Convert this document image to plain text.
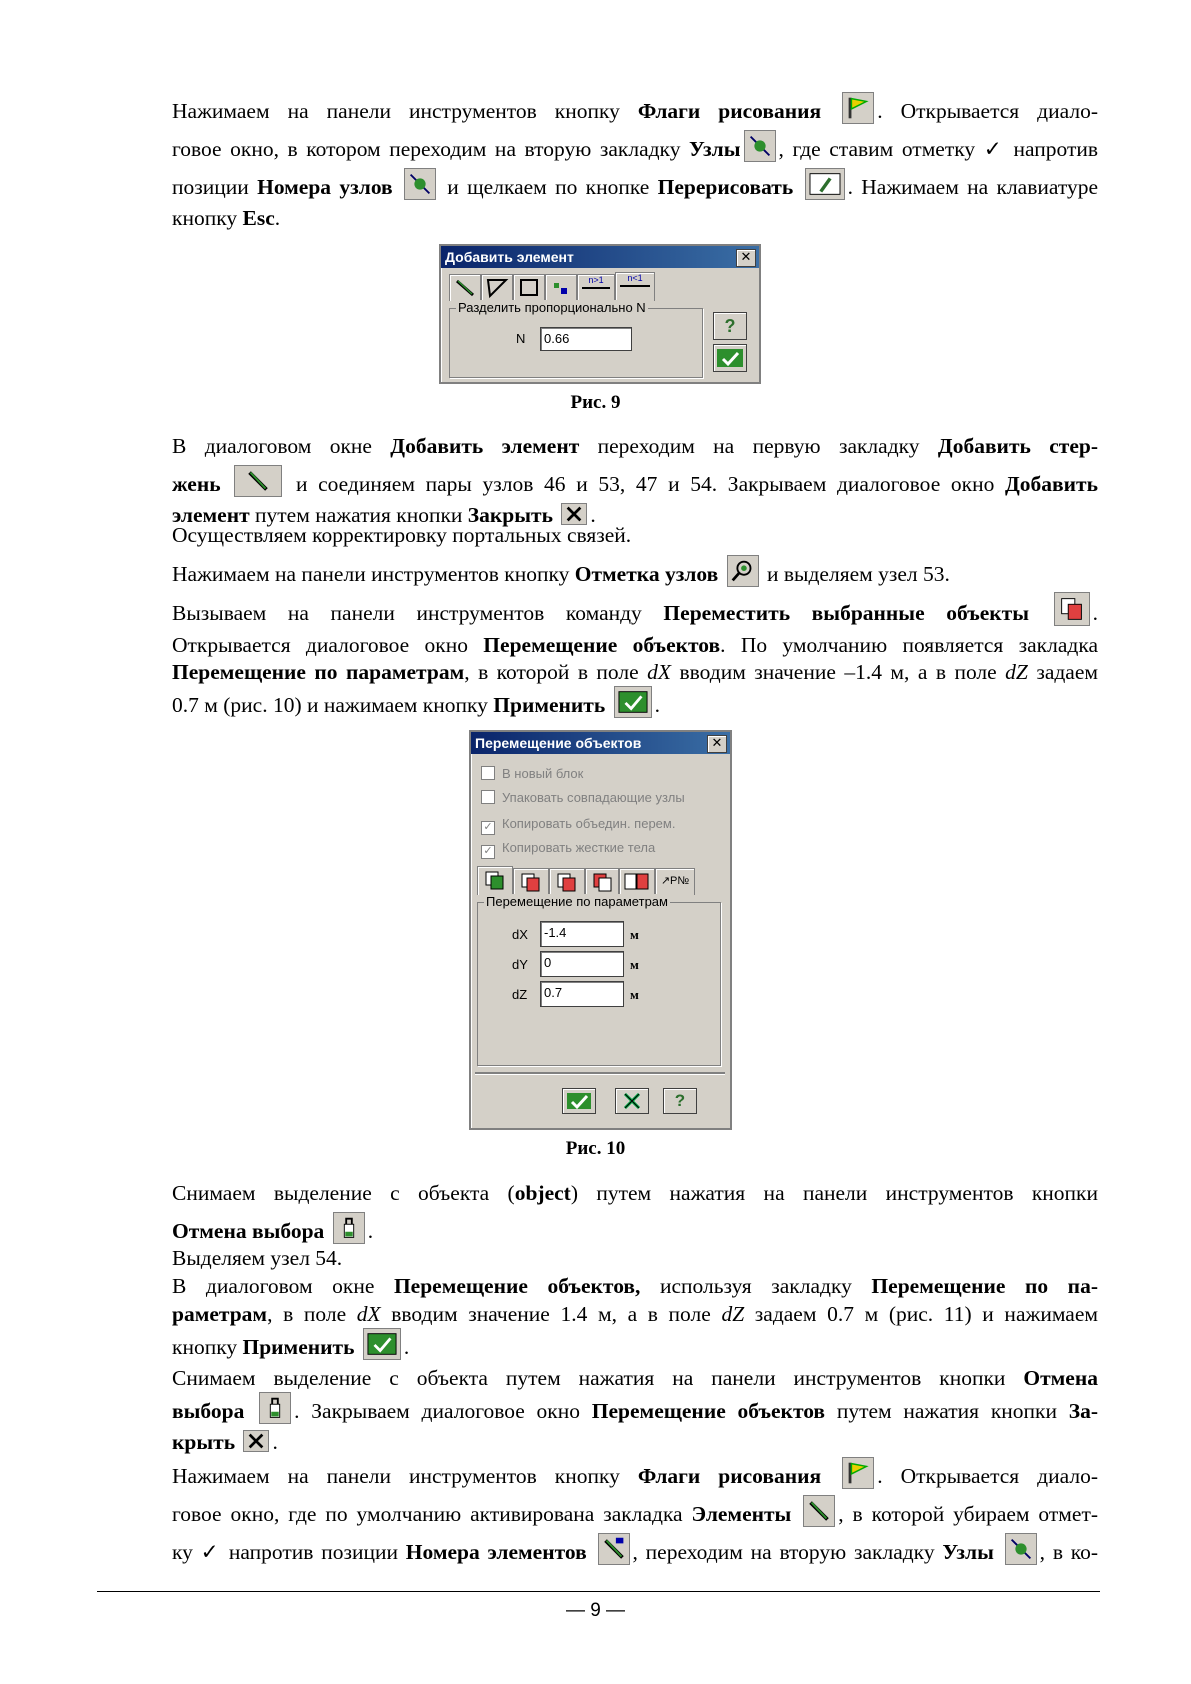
Нажимаем на панели инструментов кнопку Флаги рисования	. Открывается диало-
говое окно, в котором переходим на вторую закладку Узлы , где ставим отметку ✓ напротив
позиции Номера узлов
и щелкаем по кнопке Перерисовать	. Нажимаем на клавиатуре
кнопку Esc.
Добавить элемент	✕
n>1	n<1
Разделить пропорционально N
N	0.66
?
Рис. 9
В диалоговом окне Добавить элемент переходим на первую закладку Добавить стер-
жень	и соединяем пары узлов 46 и 53, 47 и 54. Закрываем диалоговое окно Добавить
элемент путем нажатия кнопки Закрыть .
Осуществляем корректировку портальных связей.
Нажимаем на панели инструментов кнопку Отметка узлов
и выделяем узел 53.
Вызываем на панели инструментов команду Переместить выбранные объекты	.
Открывается диалоговое окно Перемещение объектов. По умолчанию появляется закладка
Перемещение по параметрам, в которой в поле dX вводим значение –1.4 м, а в поле dZ задаем
0.7 м (рис. 10) и нажимаем кнопку Применить .
Перемещение объектов	✕
В новый блок
Упаковать совпадающие узлы
✓ Копировать объедин. перем.
✓ Копировать жесткие тела
↗P№
Перемещение по параметрам
dX	-1.4	м
dY	0	м
dZ	0.7	м
?
Рис. 10
Снимаем выделение с объекта (object) путем нажатия на панели инструментов кнопки
Отмена выбора .
Выделяем узел 54.
В диалоговом окне Перемещение объектов, используя закладку Перемещение по па-
раметрам, в поле dX вводим значение 1.4 м, а в поле dZ задаем 0.7 м (рис. 11) и нажимаем
кнопку Применить .
Снимаем выделение с объекта путем нажатия на панели инструментов кнопки Отмена
выбора . Закрываем диалоговое окно Перемещение объектов путем нажатия кнопки За-
крыть .
Нажимаем на панели инструментов кнопку Флаги рисования	. Открывается диало-
говое окно, где по умолчанию активирована закладка Элементы , в которой убираем отмет-
ку ✓ напротив позиции Номера элементов , переходим на вторую закладку Узлы , в ко-
— 9 —
